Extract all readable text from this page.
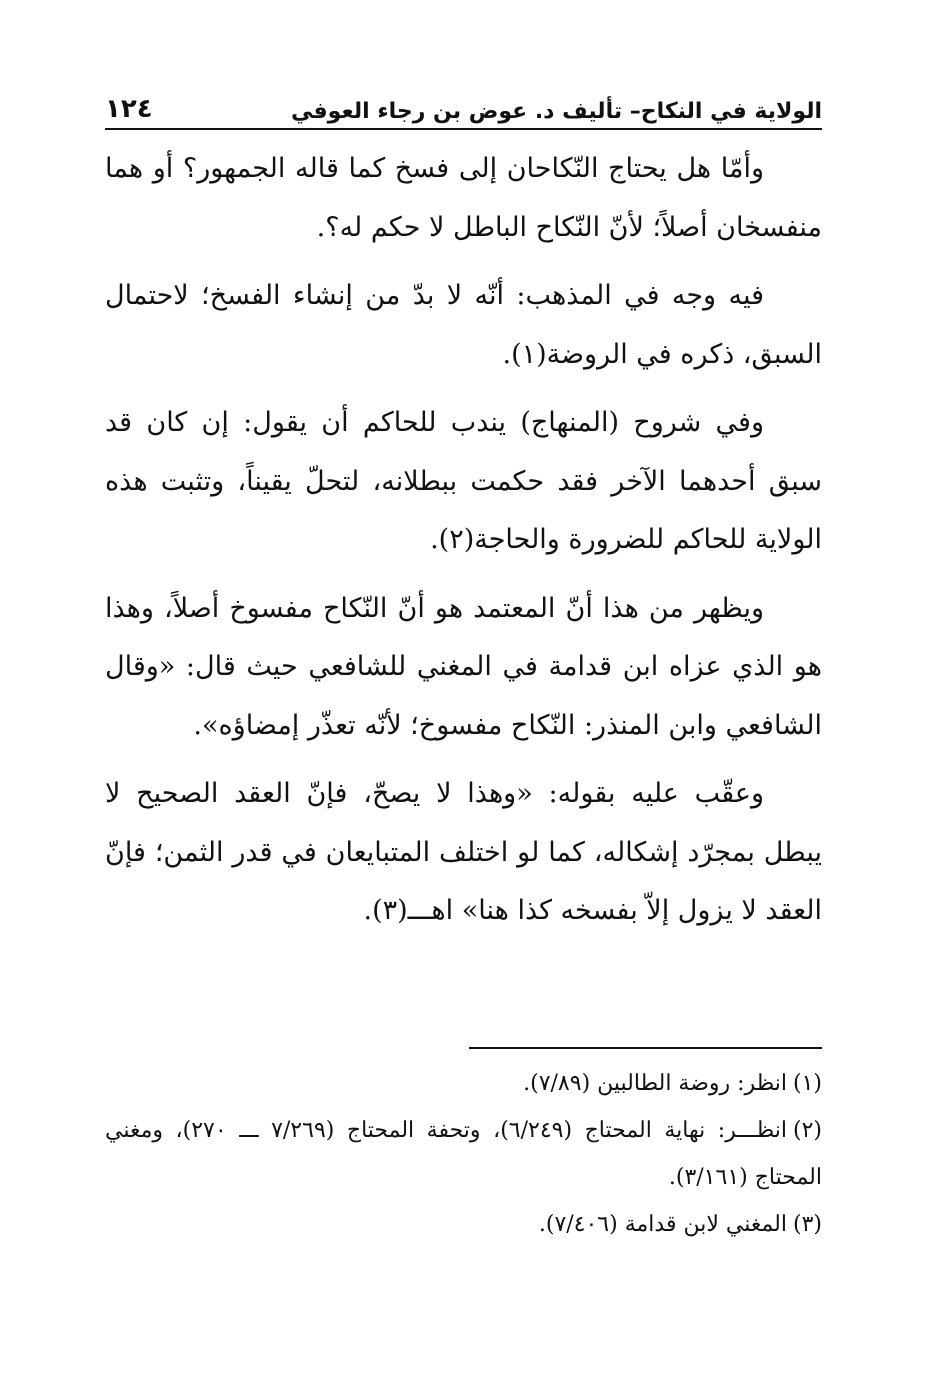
الولاية في النكاح– تأليف د. عوض بن رجاء العوفي
١٢٤

وأمّا هل يحتاج النّكاحان إلى فسخ كما قاله الجمهور؟ أو هما منفسخان أصلاً؛ لأنّ النّكاح الباطل لا حكم له؟.

فيه وجه في المذهب: أنّه لا بدّ من إنشاء الفسخ؛ لاحتمال السبق، ذكره في الروضة(١).

وفي شروح (المنهاج) يندب للحاكم أن يقول: إن كان قد سبق أحدهما الآخر فقد حكمت ببطلانه، لتحلّ يقيناً، وتثبت هذه الولاية للحاكم للضرورة والحاجة(٢).

ويظهر من هذا أنّ المعتمد هو أنّ النّكاح مفسوخ أصلاً، وهذا هو الذي عزاه ابن قدامة في المغني للشافعي حيث قال: «وقال الشافعي وابن المنذر: النّكاح مفسوخ؛ لأنّه تعذّر إمضاؤه».

وعقّب عليه بقوله: «وهذا لا يصحّ، فإنّ العقد الصحيح لا يبطل بمجرّد إشكاله، كما لو اختلف المتبايعان في قدر الثمن؛ فإنّ العقد لا يزول إلاّ بفسخه كذا هنا» اهـــ(٣).

(١)انظر: روضة الطالبين (٧/٨٩).

(٢)انظـــر: نهاية المحتاج (٦/٢٤٩)، وتحفة المحتاج (٧/٢٦٩ ـــ ٢٧٠)، ومغني المحتاج (٣/١٦١).

(٣)المغني لابن قدامة (٧/٤٠٦).
